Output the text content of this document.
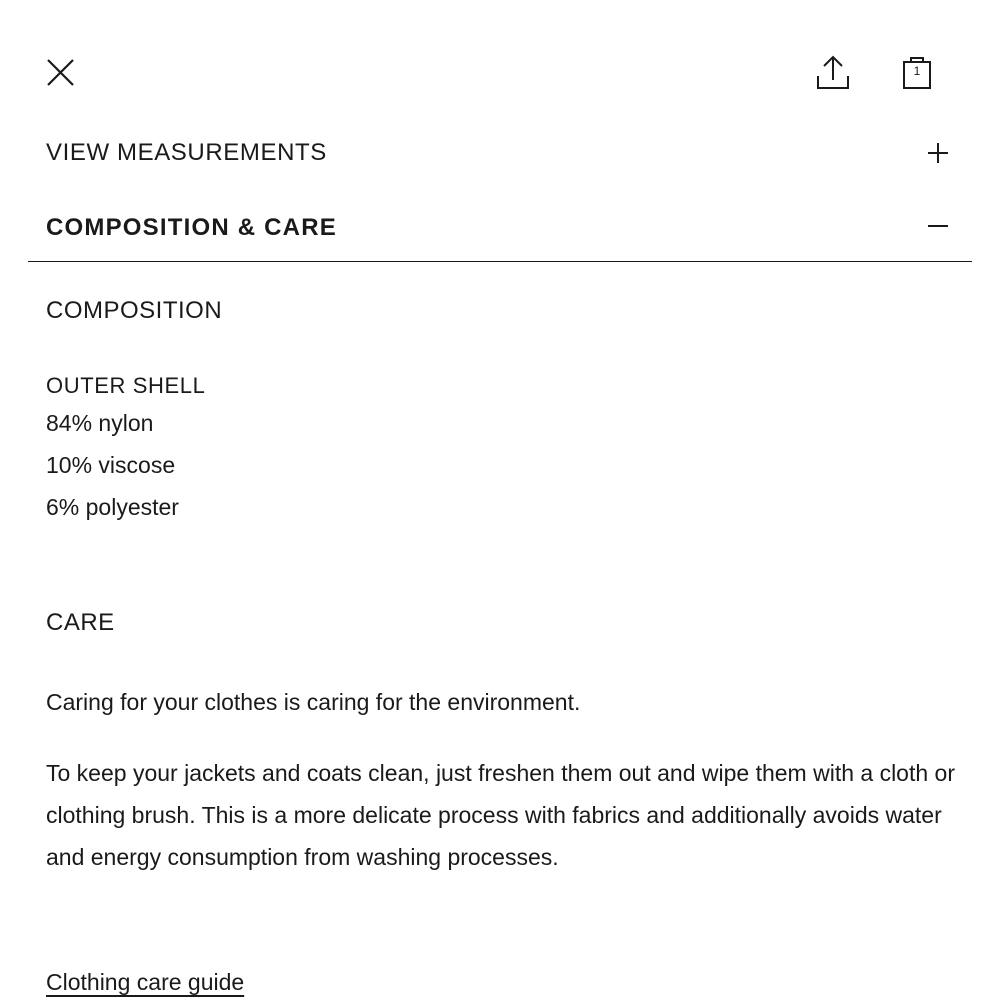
1
VIEW MEASUREMENTS
COMPOSITION & CARE
COMPOSITION

OUTER SHELL

84% nylon

10% viscose

6% polyester

CARE

Caring for your clothes is caring for the environment.

To keep your jackets and coats clean, just freshen them out and wipe them with a cloth or clothing brush. This is a more delicate process with fabrics and additionally avoids water and energy consumption from washing processes.

Clothing care guide
